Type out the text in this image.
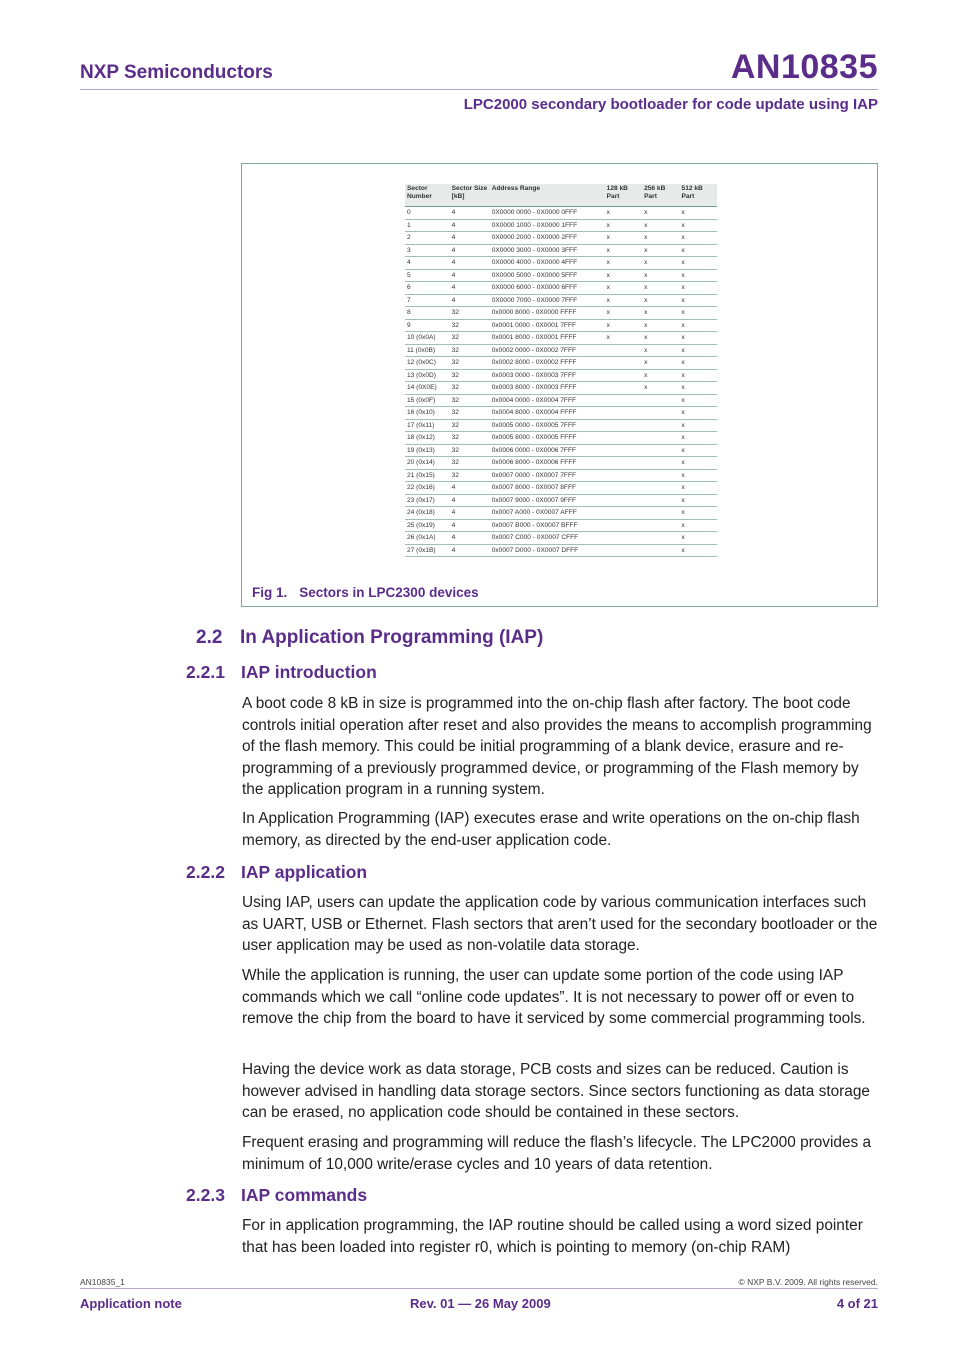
NXP Semiconductors	AN10835
LPC2000 secondary bootloader for code update using IAP
Sector Number	Sector Size [kB]	Address Range	128 kB Part	256 kB Part	512 kB Part
0	4	0X0000 0000 - 0X0000 0FFF	x	x	x
1	4	0X0000 1000 - 0X0000 1FFF	x	x	x
2	4	0X0000 2000 - 0X0000 2FFF	x	x	x
3	4	0X0000 3000 - 0X0000 3FFF	x	x	x
4	4	0X0000 4000 - 0X0000 4FFF	x	x	x
5	4	0X0000 5000 - 0X0000 5FFF	x	x	x
6	4	0X0000 6000 - 0X0000 6FFF	x	x	x
7	4	0X0000 7000 - 0X0000 7FFF	x	x	x
8	32	0x0000 8000 - 0X0000 FFFF	x	x	x
9	32	0x0001 0000 - 0X0001 7FFF	x	x	x
10 (0x0A)	32	0x0001 8000 - 0X0001 FFFF	x	x	x
11 (0x0B)	32	0x0002 0000 - 0X0002 7FFF		x	x
12 (0x0C)	32	0x0002 8000 - 0X0002 FFFF		x	x
13 (0x0D)	32	0x0003 0000 - 0X0003 7FFF		x	x
14 (0X0E)	32	0x0003 8000 - 0X0003 FFFF		x	x
15 (0x0F)	32	0x0004 0000 - 0X0004 7FFF			x
16 (0x10)	32	0x0004 8000 - 0X0004 FFFF			x
17 (0x11)	32	0x0005 0000 - 0X0005 7FFF			x
18 (0x12)	32	0x0005 8000 - 0X0005 FFFF			x
19 (0x13)	32	0x0006 0000 - 0X0006 7FFF			x
20 (0x14)	32	0x0006 8000 - 0X0006 FFFF			x
21 (0x15)	32	0x0007 0000 - 0X0007 7FFF			x
22 (0x16)	4	0x0007 8000 - 0X0007 8FFF			x
23 (0x17)	4	0x0007 9000 - 0X0007 9FFF			x
24 (0x18)	4	0x0007 A000 - 0X0007 AFFF			x
25 (0x19)	4	0x0007 B000 - 0X0007 BFFF			x
26 (0x1A)	4	0x0007 C000 - 0X0007 CFFF			x
27 (0x1B)	4	0x0007 D000 - 0X0007 DFFF			x
Fig 1. Sectors in LPC2300 devices
2.2 In Application Programming (IAP)
2.2.1 IAP introduction

A boot code 8 kB in size is programmed into the on-chip flash after factory. The boot code controls initial operation after reset and also provides the means to accomplish programming of the flash memory. This could be initial programming of a blank device, erasure and re-programming of a previously programmed device, or programming of the Flash memory by the application program in a running system.

In Application Programming (IAP) executes erase and write operations on the on-chip flash memory, as directed by the end-user application code.

2.2.2 IAP application

Using IAP, users can update the application code by various communication interfaces such as UART, USB or Ethernet. Flash sectors that aren’t used for the secondary bootloader or the user application may be used as non-volatile data storage.

While the application is running, the user can update some portion of the code using IAP commands which we call “online code updates”. It is not necessary to power off or even to remove the chip from the board to have it serviced by some commercial programming tools.

Having the device work as data storage, PCB costs and sizes can be reduced. Caution is however advised in handling data storage sectors. Since sectors functioning as data storage can be erased, no application code should be contained in these sectors.

Frequent erasing and programming will reduce the flash’s lifecycle. The LPC2000 provides a minimum of 10,000 write/erase cycles and 10 years of data retention.

2.2.3 IAP commands

For in application programming, the IAP routine should be called using a word sized pointer that has been loaded into register r0, which is pointing to memory (on-chip RAM)

AN10835_1	© NXP B.V. 2009. All rights reserved.
Application note	Rev. 01 — 26 May 2009	4 of 21
